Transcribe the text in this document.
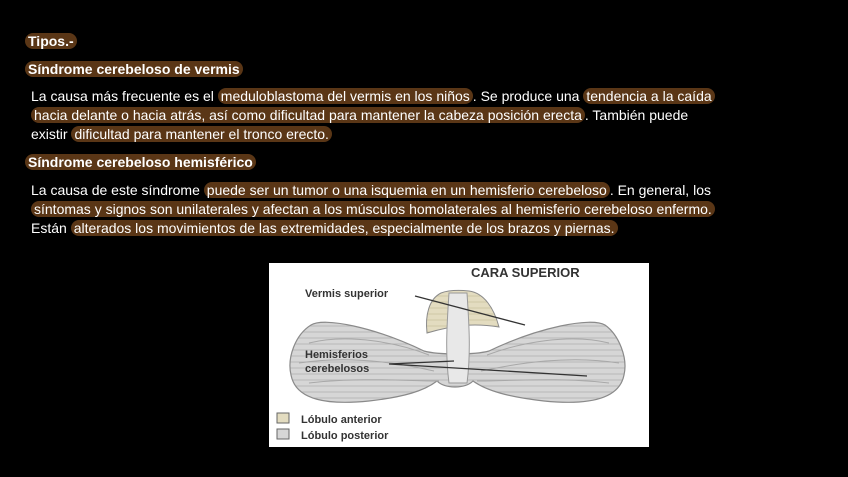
Tipos.-
Síndrome cerebeloso de vermis
La causa más frecuente es el meduloblastoma del vermis en los niños . Se produce una tendencia a la caída
hacia delante o hacia atrás, así como dificultad para mantener la cabeza posición erecta . También puede
existir dificultad para mantener el tronco erecto.
Síndrome cerebeloso hemisférico
La causa de este síndrome puede ser un tumor o una isquemia en un hemisferio cerebeloso . En general, los
síntomas y signos son unilaterales y afectan a los músculos homolaterales al hemisferio cerebeloso enfermo.
Están alterados los movimientos de las extremidades, especialmente de los brazos y piernas.
CARA SUPERIOR
Vermis superior
Hemisferios
cerebelosos
Lóbulo anterior
Lóbulo posterior
